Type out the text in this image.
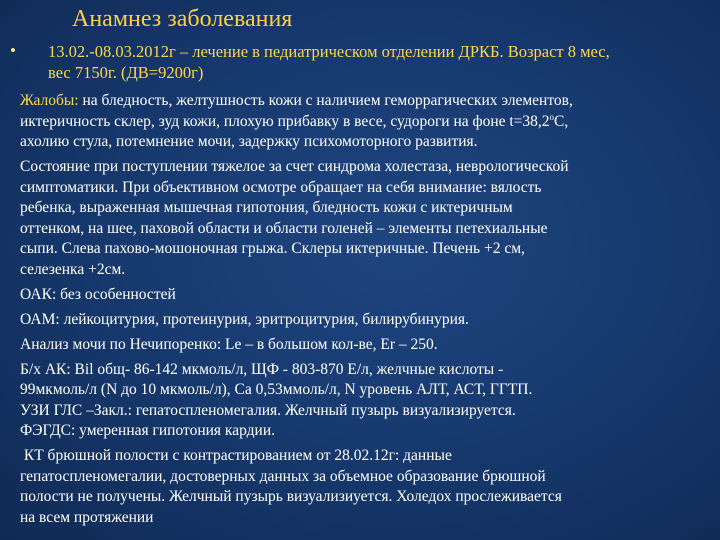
Анамнез заболевания
• 13.02.-08.03.2012г – лечение в педиатрическом отделении ДРКБ. Возраст 8 мес,
вес 7150г. (ДВ=9200г)
Жалобы: на бледность, желтушность кожи с наличием геморрагических элементов,
иктеричность склер, зуд кожи, плохую прибавку в весе, судороги на фоне $t=38,2^оС$,
ахолию стула, потемнение мочи, задержку психомоторного развития.
Состояние при поступлении тяжелое за счет синдрома холестаза, неврологической
симптоматики. При объективном осмотре обращает на себя внимание: вялость
ребенка, выраженная мышечная гипотония, бледность кожи с иктеричным
оттенком, на шее, паховой области и области голеней – элементы петехиальные
сыпи. Слева пахово-мошоночная грыжа. Склеры иктеричные. Печень +2 см,
селезенка +2см.
ОАК: без особенностей
ОАМ: лейкоцитурия, протеинурия, эритроцитурия, билирубинурия.
Анализ мочи по Нечипоренко: Le – в большом кол-ве, Er – 250.
Б/х АК: Bil общ- 86-142 мкмоль/л, ЩФ - 803-870 Е/л, желчные кислоты -
99мкмоль/л (N до 10 мкмоль/л), Са 0,53ммоль/л, N уровень АЛТ, АСТ, ГГТП.
УЗИ ГЛС –Закл.: гепатоспленомегалия. Желчный пузырь визуализируется.
ФЭГДС: умеренная гипотония кардии.
КТ брюшной полости с контрастированием от 28.02.12г: данные
гепатоспленомегалии, достоверных данных за объемное образование брюшной
полости не получены. Желчный пузырь визуализиуется. Холедох прослеживается
на всем протяжении
